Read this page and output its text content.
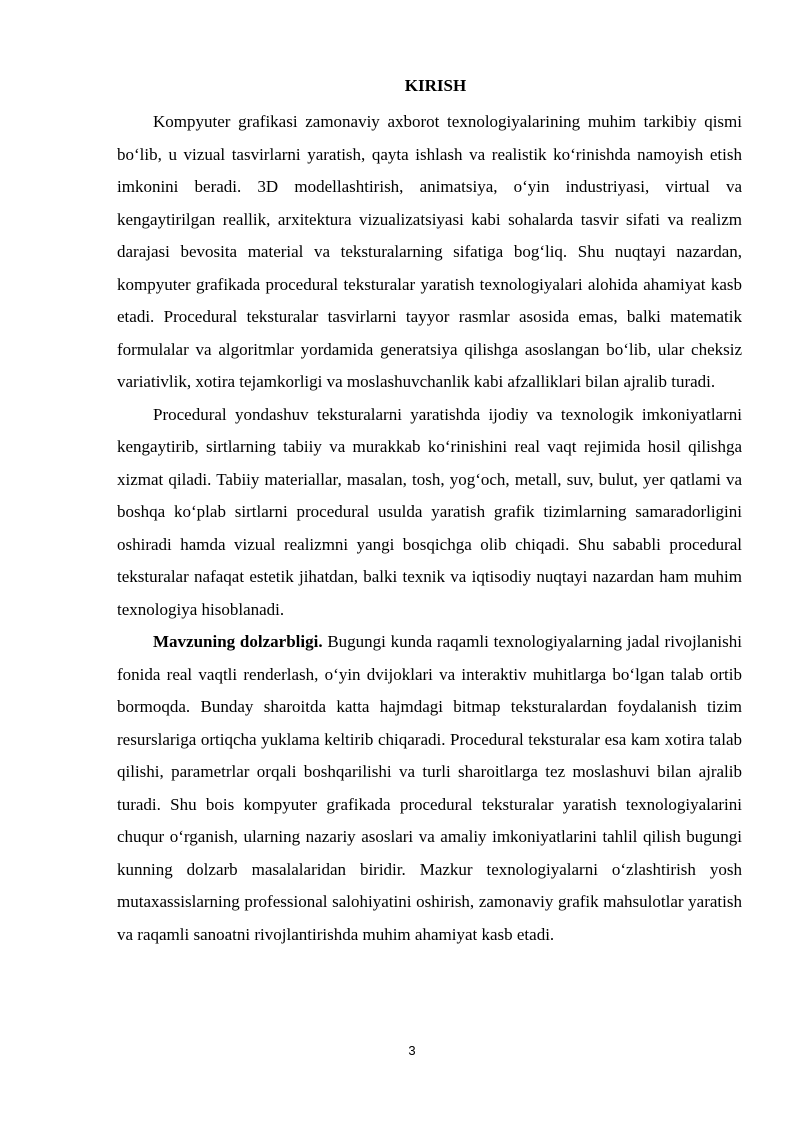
KIRISH

Kompyuter grafikasi zamonaviy axborot texnologiyalarining muhim tarkibiy qismi bo‘lib, u vizual tasvirlarni yaratish, qayta ishlash va realistik ko‘rinishda namoyish etish imkonini beradi. 3D modellashtirish, animatsiya, o‘yin industriyasi, virtual va kengaytirilgan reallik, arxitektura vizualizatsiyasi kabi sohalarda tasvir sifati va realizm darajasi bevosita material va teksturalarning sifatiga bog‘liq. Shu nuqtayi nazardan, kompyuter grafikada procedural teksturalar yaratish texnologiyalari alohida ahamiyat kasb etadi. Procedural teksturalar tasvirlarni tayyor rasmlar asosida emas, balki matematik formulalar va algoritmlar yordamida generatsiya qilishga asoslangan bo‘lib, ular cheksiz variativlik, xotira tejamkorligi va moslashuvchanlik kabi afzalliklari bilan ajralib turadi.

Procedural yondashuv teksturalarni yaratishda ijodiy va texnologik imkoniyatlarni kengaytirib, sirtlarning tabiiy va murakkab ko‘rinishini real vaqt rejimida hosil qilishga xizmat qiladi. Tabiiy materiallar, masalan, tosh, yog‘och, metall, suv, bulut, yer qatlami va boshqa ko‘plab sirtlarni procedural usulda yaratish grafik tizimlarning samaradorligini oshiradi hamda vizual realizmni yangi bosqichga olib chiqadi. Shu sababli procedural teksturalar nafaqat estetik jihatdan, balki texnik va iqtisodiy nuqtayi nazardan ham muhim texnologiya hisoblanadi.

Mavzuning dolzarbligi. Bugungi kunda raqamli texnologiyalarning jadal rivojlanishi fonida real vaqtli renderlash, o‘yin dvijoklari va interaktiv muhitlarga bo‘lgan talab ortib bormoqda. Bunday sharoitda katta hajmdagi bitmap teksturalardan foydalanish tizim resurslariga ortiqcha yuklama keltirib chiqaradi. Procedural teksturalar esa kam xotira talab qilishi, parametrlar orqali boshqarilishi va turli sharoitlarga tez moslashuvi bilan ajralib turadi. Shu bois kompyuter grafikada procedural teksturalar yaratish texnologiyalarini chuqur o‘rganish, ularning nazariy asoslari va amaliy imkoniyatlarini tahlil qilish bugungi kunning dolzarb masalalaridan biridir. Mazkur texnologiyalarni o‘zlashtirish yosh mutaxassislarning professional salohiyatini oshirish, zamonaviy grafik mahsulotlar yaratish va raqamli sanoatni rivojlantirishda muhim ahamiyat kasb etadi.

3
